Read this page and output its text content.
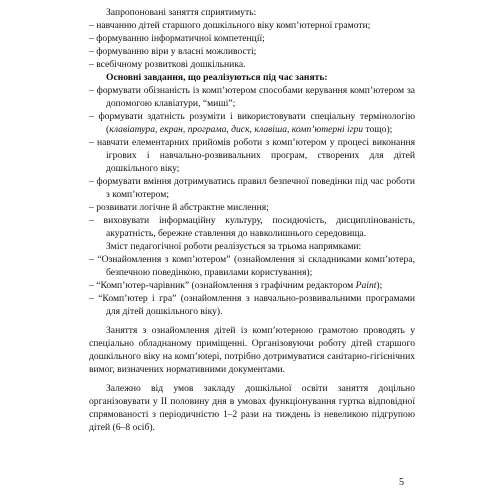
Запропоновані заняття сприятимуть:

– навчанню дітей старшого дошкільного віку комп’ютерної грамоти;

– формуванню інформатичної компетенції;

– формуванню віри у власні можливості;

– всебічному розвиткові дошкільника.

Основні завдання, що реалізуються під час занять:

– формувати обізнаність із комп’ютером способами керування комп’ютером за допомогою клавіатури, “миші”;

– формувати здатність розуміти і використовувати спеціальну термінологію (клавіатура, екран, програма, диск, клавіша, комп’ютерні ігри тощо);

– навчати елементарних прийомів роботи з комп’ютером у процесі виконання ігрових і навчально-розвивальних програм, створених для дітей дошкільного віку;

– формувати вміння дотримуватись правил безпечної поведінки під час роботи з комп’ютером;

– розвивати логічне й абстрактне мислення;

– виховувати інформаційну культуру, посидючість, дисциплінованість, акуратність, бережне ставлення до навколишнього середовища.

Зміст педагогічної роботи реалізується за трьома напрямками:

– “Ознайомлення з комп’ютером” (ознайомлення зі складниками комп’ютера, безпечною поведінкою, правилами користування);

– “Комп’ютер-чарівник” (ознайомлення з графічним редактором Paint);

– “Комп’ютер і гра” (ознайомлення з навчально-розвивальними програмами для дітей дошкільного віку).

Заняття з ознайомлення дітей із комп’ютерною грамотою проводять у спеціально обладнаному приміщенні. Організовуючи роботу дітей старшого дошкільного віку на комп’юteрі, потрібно дотримуватися санітарно-гігієнічних вимог, визначених нормативними документами.

Залежно від умов закладу дошкільної освіти заняття доцільно організовувати у II половину дня в умовах функціонування гуртка відповідної спрямованості з періодичністю 1–2 рази на тиждень із невеликою підгрупою дітей (6–8 осіб).

5
